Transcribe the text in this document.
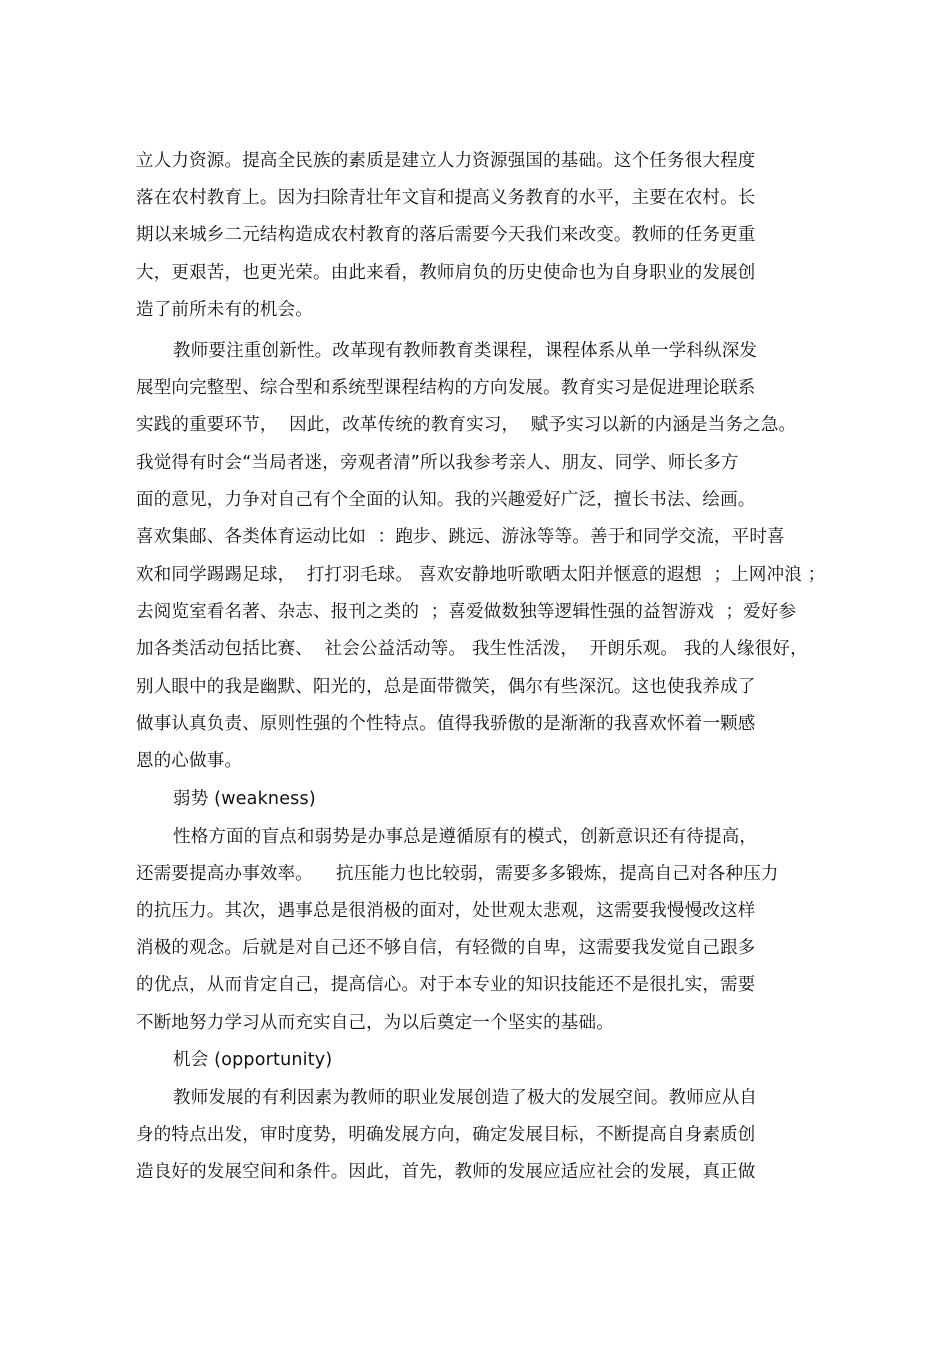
立人力资源。提高全民族的素质是建立人力资源强国的基础。这个任务很大程度
落在农村教育上。因为扫除青壮年文盲和提高义务教育的水平，主要在农村。长
期以来城乡二元结构造成农村教育的落后需要今天我们来改变。教师的任务更重
大，更艰苦，也更光荣。由此来看，教师肩负的历史使命也为自身职业的发展创
造了前所未有的机会。
教师要注重创新性。改革现有教师教育类课程，课程体系从单一学科纵深发
展型向完整型、综合型和系统型课程结构的方向发展。教育实习是促进理论联系
实践的重要环节，  因此，改革传统的教育实习，  赋予实习以新的内涵是当务之急。
我觉得有时会“当局者迷，旁观者清”所以我参考亲人、朋友、同学、师长多方
面的意见，力争对自己有个全面的认知。我的兴趣爱好广泛，擅长书法、绘画。
喜欢集邮、各类体育运动比如  ：跑步、跳远、游泳等等。善于和同学交流，平时喜
欢和同学踢踢足球，  打打羽毛球。 喜欢安静地听歌晒太阳并惬意的遐想  ；上网冲浪 ；
去阅览室看名著、杂志、报刊之类的  ；喜爱做数独等逻辑性强的益智游戏  ；爱好参
加各类活动包括比赛、  社会公益活动等。 我生性活泼，  开朗乐观。 我的人缘很好，
别人眼中的我是幽默、阳光的，总是面带微笑，偶尔有些深沉。这也使我养成了
做事认真负责、原则性强的个性特点。值得我骄傲的是渐渐的我喜欢怀着一颗感
恩的心做事。
弱势 (weakness)
性格方面的盲点和弱势是办事总是遵循原有的模式，创新意识还有待提高，
还需要提高办事效率。    抗压能力也比较弱，需要多多锻炼，提高自己对各种压力
的抗压力。其次，遇事总是很消极的面对，处世观太悲观，这需要我慢慢改这样
消极的观念。后就是对自己还不够自信，有轻微的自卑，这需要我发觉自己跟多
的优点，从而肯定自己，提高信心。对于本专业的知识技能还不是很扎实，需要
不断地努力学习从而充实自己，为以后奠定一个坚实的基础。
机会 (opportunity)
教师发展的有利因素为教师的职业发展创造了极大的发展空间。教师应从自
身的特点出发，审时度势，明确发展方向，确定发展目标，不断提高自身素质创
造良好的发展空间和条件。因此，首先，教师的发展应适应社会的发展，真正做
